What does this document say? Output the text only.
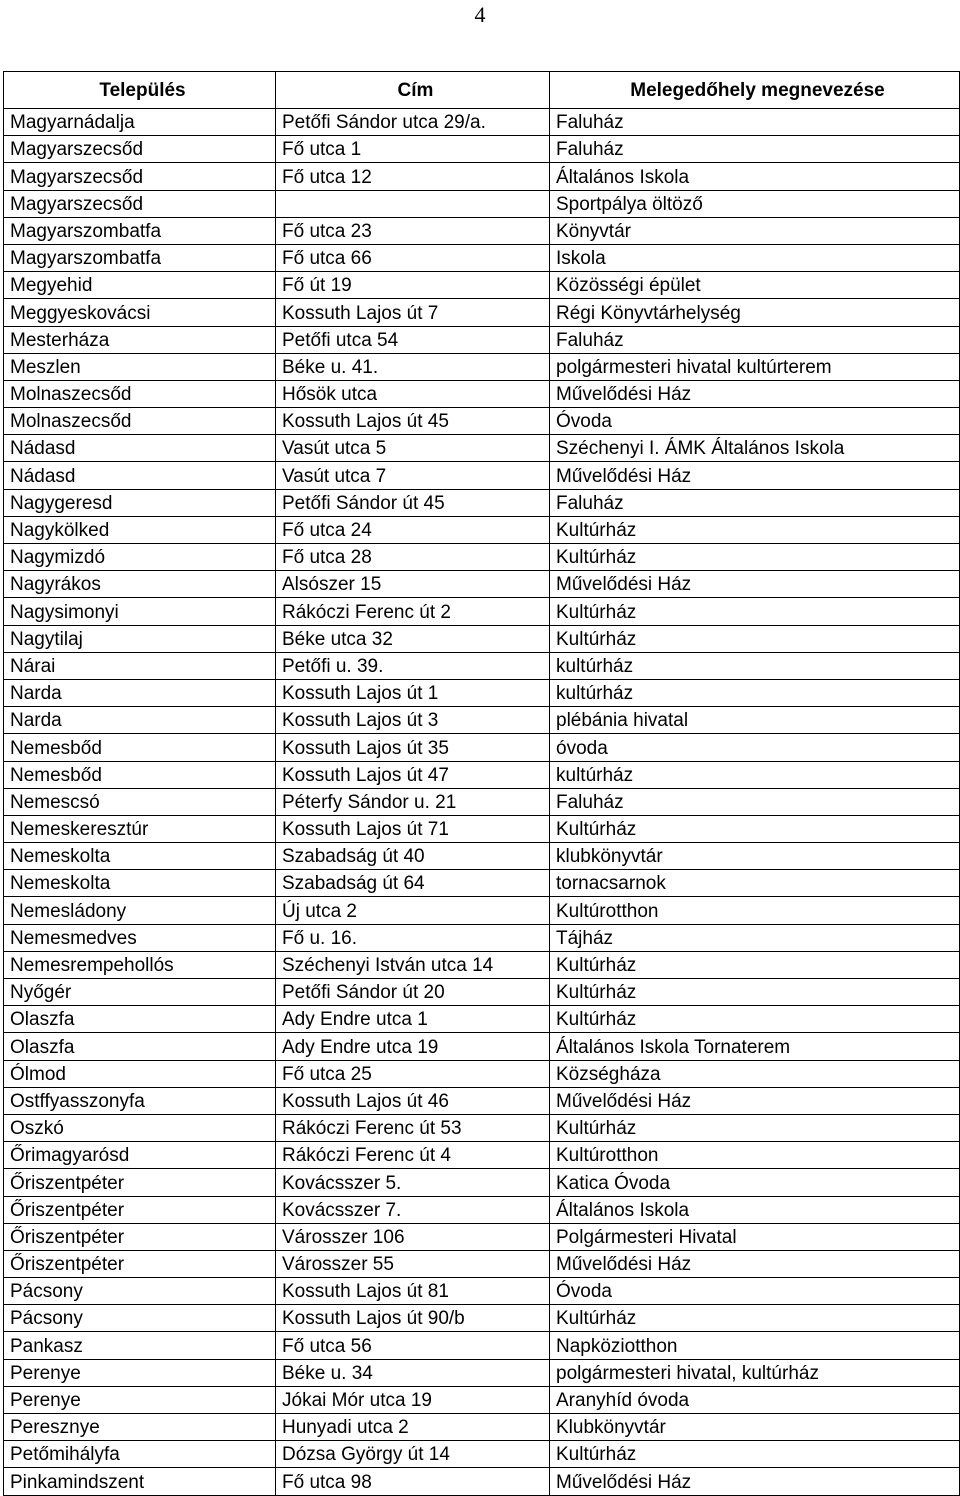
4
Település	Cím	Melegedőhely megnevezése
Magyarnádalja	Petőfi Sándor utca 29/a.	Faluház
Magyarszecsőd	Fő utca 1	Faluház
Magyarszecsőd	Fő utca 12	Általános Iskola
Magyarszecsőd		Sportpálya öltöző
Magyarszombatfa	Fő utca 23	Könyvtár
Magyarszombatfa	Fő utca 66	Iskola
Megyehid	Fő út 19	Közösségi épület
Meggyeskovácsi	Kossuth Lajos út 7	Régi Könyvtárhelység
Mesterháza	Petőfi utca 54	Faluház
Meszlen	Béke u. 41.	polgármesteri hivatal kultúrterem
Molnaszecsőd	Hősök utca	Művelődési Ház
Molnaszecsőd	Kossuth Lajos út 45	Óvoda
Nádasd	Vasút utca 5	Széchenyi I. ÁMK Általános Iskola
Nádasd	Vasút utca 7	Művelődési Ház
Nagygeresd	Petőfi Sándor út 45	Faluház
Nagykölked	Fő utca 24	Kultúrház
Nagymizdó	Fő utca 28	Kultúrház
Nagyrákos	Alsószer 15	Művelődési Ház
Nagysimonyi	Rákóczi Ferenc út 2	Kultúrház
Nagytilaj	Béke utca 32	Kultúrház
Nárai	Petőfi u. 39.	kultúrház
Narda	Kossuth Lajos út 1	kultúrház
Narda	Kossuth Lajos út 3	plébánia hivatal
Nemesbőd	Kossuth Lajos út 35	óvoda
Nemesbőd	Kossuth Lajos út 47	kultúrház
Nemescsó	Péterfy Sándor u. 21	Faluház
Nemeskeresztúr	Kossuth Lajos út 71	Kultúrház
Nemeskolta	Szabadság út 40	klubkönyvtár
Nemeskolta	Szabadság út 64	tornacsarnok
Nemesládony	Új utca 2	Kultúrotthon
Nemesmedves	Fő u. 16.	Tájház
Nemesrempehollós	Széchenyi István utca 14	Kultúrház
Nyőgér	Petőfi Sándor út 20	Kultúrház
Olaszfa	Ady Endre utca 1	Kultúrház
Olaszfa	Ady Endre utca 19	Általános Iskola Tornaterem
Ólmod	Fő utca 25	Községháza
Ostffyasszonyfa	Kossuth Lajos út 46	Művelődési Ház
Oszkó	Rákóczi Ferenc út 53	Kultúrház
Őrimagyarósd	Rákóczi Ferenc út 4	Kultúrotthon
Őriszentpéter	Kovácsszer 5.	Katica Óvoda
Őriszentpéter	Kovácsszer 7.	Általános Iskola
Őriszentpéter	Városszer 106	Polgármesteri Hivatal
Őriszentpéter	Városszer 55	Művelődési Ház
Pácsony	Kossuth Lajos út 81	Óvoda
Pácsony	Kossuth Lajos út 90/b	Kultúrház
Pankasz	Fő utca 56	Napköziotthon
Perenye	Béke u. 34	polgármesteri hivatal, kultúrház
Perenye	Jókai Mór utca 19	Aranyhíd óvoda
Peresznye	Hunyadi utca 2	Klubkönyvtár
Petőmihályfa	Dózsa György út 14	Kultúrház
Pinkamindszent	Fő utca 98	Művelődési Ház
